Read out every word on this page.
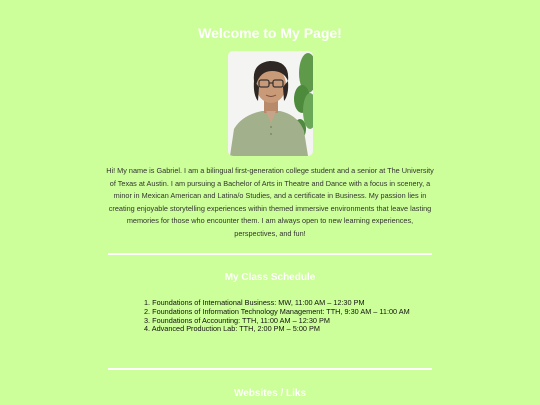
Welcome to My Page!

Hi! My name is Gabriel. I am a bilingual first-generation college student and a senior at The University of Texas at Austin. I am pursuing a Bachelor of Arts in Theatre and Dance with a focus in scenery, a minor in Mexican American and Latina/o Studies, and a certificate in Business. My passion lies in creating enjoyable storytelling experiences within themed immersive environments that leave lasting memories for those who encounter them. I am always open to new learning experiences, perspectives, and fun!

My Class Schedule
1. Foundations of International Business: MW, 11:00 AM – 12:30 PM
2. Foundations of Information Technology Management: TTH, 9:30 AM – 11:00 AM
3. Foundations of Accounting: TTH, 11:00 AM – 12:30 PM
4. Advanced Production Lab: TTH, 2:00 PM – 5:00 PM
Websites / Liks
